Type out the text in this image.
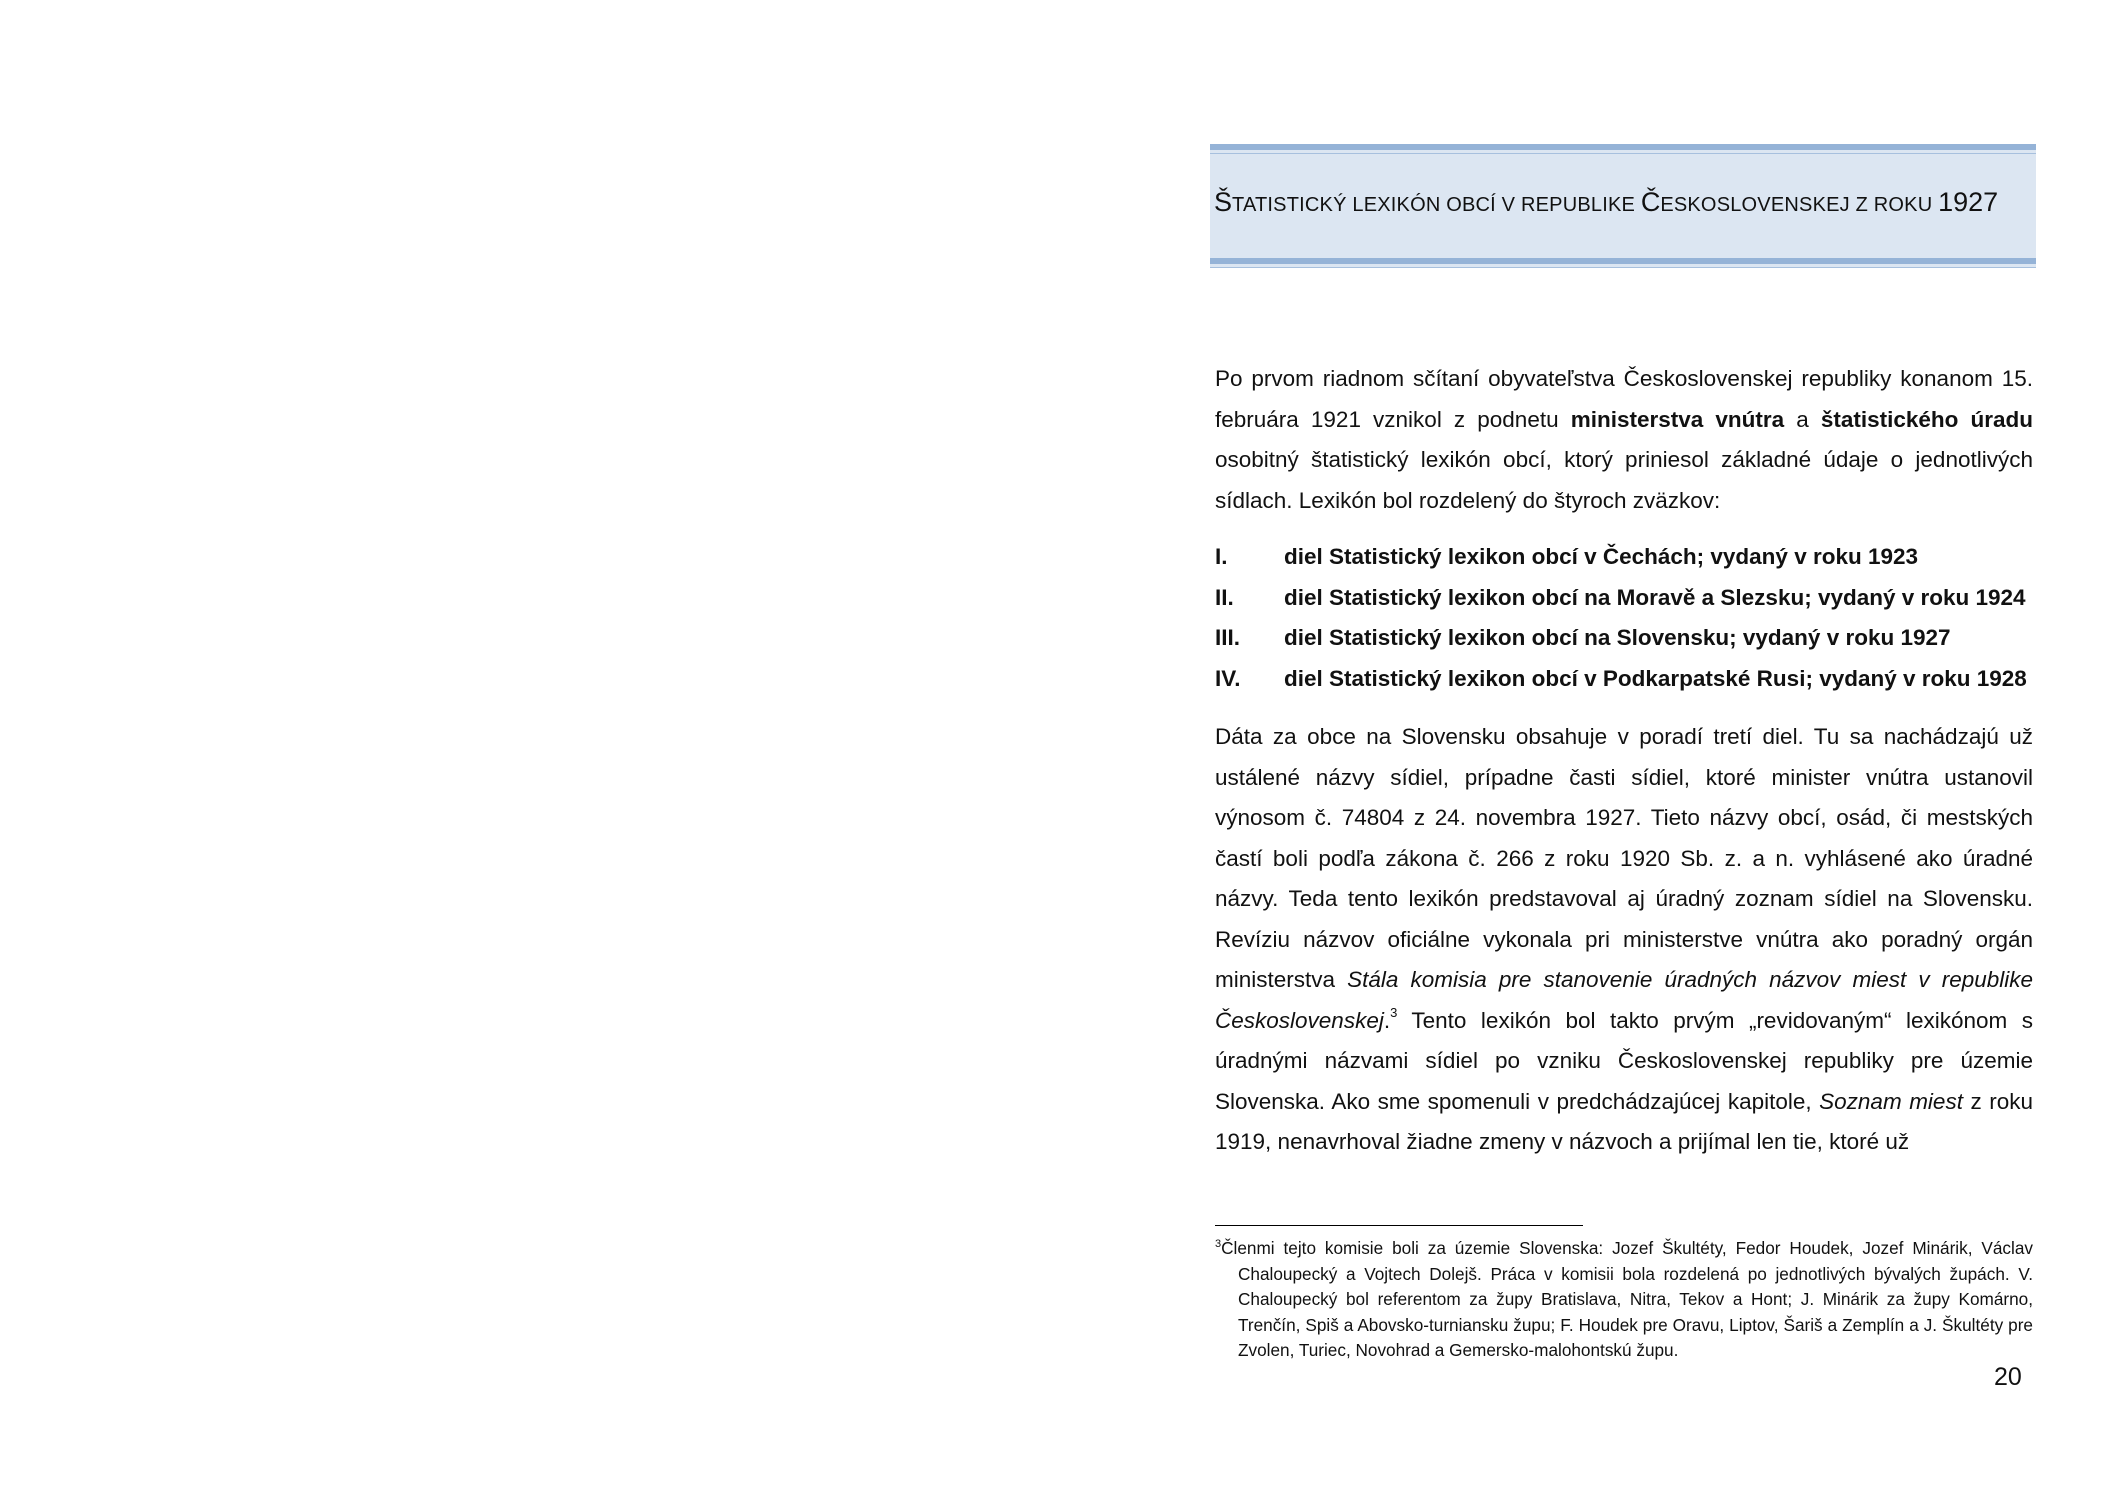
ŠTATISTICKÝ LEXIKÓN OBCÍ V REPUBLIKE ČESKOSLOVENSKEJ Z ROKU 1927
Po prvom riadnom sčítaní obyvateľstva Československej republiky konanom 15. februára 1921 vznikol z podnetu ministerstva vnútra a štatistického úradu osobitný štatistický lexikón obcí, ktorý priniesol základné údaje o jednotlivých sídlach. Lexikón bol rozdelený do štyroch zväzkov:
I.	diel Statistický lexikon obcí v Čechách; vydaný v roku 1923
II. diel Statistický lexikon obcí na Moravě a Slezsku; vydaný v roku 1924
III. diel Statistický lexikon obcí na Slovensku; vydaný v roku 1927
IV. diel Statistický lexikon obcí v Podkarpatské Rusi; vydaný v roku 1928
Dáta za obce na Slovensku obsahuje v poradí tretí diel. Tu sa nachádzajú už ustálené názvy sídiel, prípadne časti sídiel, ktoré minister vnútra ustanovil výnosom č. 74804 z 24. novembra 1927. Tieto názvy obcí, osád, či mestských častí boli podľa zákona č. 266 z roku 1920 Sb. z. a n. vyhlásené ako úradné názvy. Teda tento lexikón predstavoval aj úradný zoznam sídiel na Slovensku. Revíziu názvov oficiálne vykonala pri ministerstve vnútra ako poradný orgán ministerstva Stála komisia pre stanovenie úradných názvov miest v republike Československej.$^3$ Tento lexikón bol takto prvým „revidovaným“ lexikónom s úradnými názvami sídiel po vzniku Československej republiky pre územie Slovenska. Ako sme spomenuli v predchádzajúcej kapitole, Soznam miest z roku 1919, nenavrhoval žiadne zmeny v názvoch a prijímal len tie, ktoré už
$^3$Členmi tejto komisie boli za územie Slovenska: Jozef Škultéty, Fedor Houdek, Jozef Minárik, Václav Chaloupecký a Vojtech Dolejš. Práca v komisii bola rozdelená po jednotlivých bývalých župách. V. Chaloupecký bol referentom za župy Bratislava, Nitra, Tekov a Hont; J. Minárik za župy Komárno, Trenčín, Spiš a Abovsko-turniansku župu; F. Houdek pre Oravu, Liptov, Šariš a Zemplín a J. Škultéty pre Zvolen, Turiec, Novohrad a Gemersko-malohontskú župu.
20
